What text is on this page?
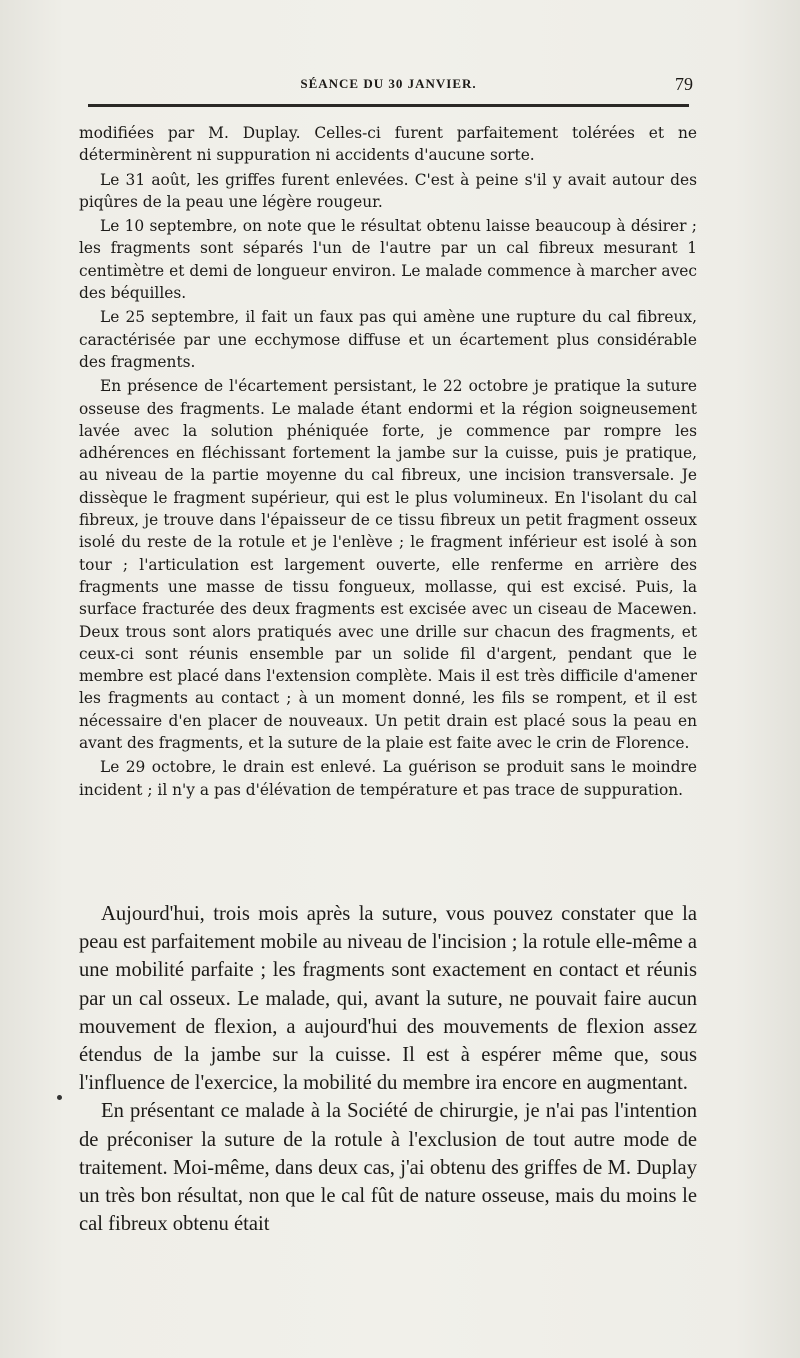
SÉANCE DU 30 JANVIER.	79

modifiées par M. Duplay. Celles-ci furent parfaitement tolérées et ne déterminèrent ni suppuration ni accidents d'aucune sorte.

Le 31 août, les griffes furent enlevées. C'est à peine s'il y avait autour des piqûres de la peau une légère rougeur.

Le 10 septembre, on note que le résultat obtenu laisse beaucoup à désirer ; les fragments sont séparés l'un de l'autre par un cal fibreux mesurant 1 centimètre et demi de longueur environ. Le malade commence à marcher avec des béquilles.

Le 25 septembre, il fait un faux pas qui amène une rupture du cal fibreux, caractérisée par une ecchymose diffuse et un écartement plus considérable des fragments.

En présence de l'écartement persistant, le 22 octobre je pratique la suture osseuse des fragments. Le malade étant endormi et la région soigneusement lavée avec la solution phéniquée forte, je commence par rompre les adhérences en fléchissant fortement la jambe sur la cuisse, puis je pratique, au niveau de la partie moyenne du cal fibreux, une incision transversale. Je dissèque le fragment supérieur, qui est le plus volumineux. En l'isolant du cal fibreux, je trouve dans l'épaisseur de ce tissu fibreux un petit fragment osseux isolé du reste de la rotule et je l'enlève ; le fragment inférieur est isolé à son tour ; l'articulation est largement ouverte, elle renferme en arrière des fragments une masse de tissu fongueux, mollasse, qui est excisé. Puis, la surface fracturée des deux fragments est excisée avec un ciseau de Macewen. Deux trous sont alors pratiqués avec une drille sur chacun des fragments, et ceux-ci sont réunis ensemble par un solide fil d'argent, pendant que le membre est placé dans l'extension complète. Mais il est très difficile d'amener les fragments au contact ; à un moment donné, les fils se rompent, et il est nécessaire d'en placer de nouveaux. Un petit drain est placé sous la peau en avant des fragments, et la suture de la plaie est faite avec le crin de Florence.

Le 29 octobre, le drain est enlevé. La guérison se produit sans le moindre incident ; il n'y a pas d'élévation de température et pas trace de suppuration.

Aujourd'hui, trois mois après la suture, vous pouvez constater que la peau est parfaitement mobile au niveau de l'incision ; la rotule elle-même a une mobilité parfaite ; les fragments sont exactement en contact et réunis par un cal osseux. Le malade, qui, avant la suture, ne pouvait faire aucun mouvement de flexion, a aujourd'hui des mouvements de flexion assez étendus de la jambe sur la cuisse. Il est à espérer même que, sous l'influence de l'exercice, la mobilité du membre ira encore en augmentant.

En présentant ce malade à la Société de chirurgie, je n'ai pas l'intention de préconiser la suture de la rotule à l'exclusion de tout autre mode de traitement. Moi-même, dans deux cas, j'ai obtenu des griffes de M. Duplay un très bon résultat, non que le cal fût de nature osseuse, mais du moins le cal fibreux obtenu était
